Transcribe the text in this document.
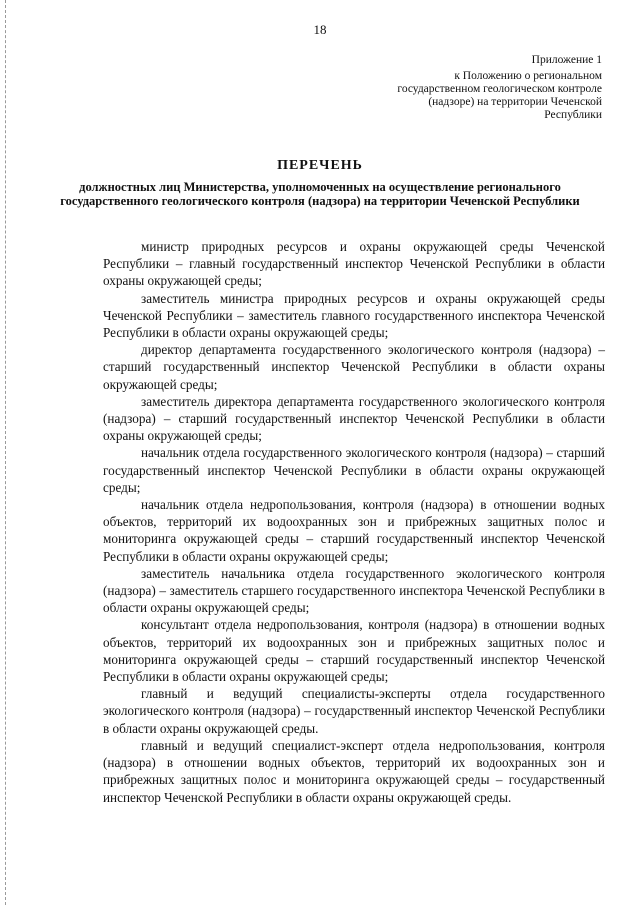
18
Приложение 1
к Положению о региональном государственном геологическом контроле (надзоре) на территории Чеченской Республики
ПЕРЕЧЕНЬ
должностных лиц Министерства, уполномоченных на осуществление регионального государственного геологического контроля (надзора) на территории Чеченской Республики

министр природных ресурсов и охраны окружающей среды Чеченской Республики – главный государственный инспектор Чеченской Республики в области охраны окружающей среды;

заместитель министра природных ресурсов и охраны окружающей среды Чеченской Республики – заместитель главного государственного инспектора Чеченской Республики в области охраны окружающей среды;

директор департамента государственного экологического контроля (надзора) – старший государственный инспектор Чеченской Республики в области охраны окружающей среды;

заместитель директора департамента государственного экологического контроля (надзора) – старший государственный инспектор Чеченской Республики в области охраны окружающей среды;

начальник отдела государственного экологического контроля (надзора) – старший государственный инспектор Чеченской Республики в области охраны окружающей среды;

начальник отдела недропользования, контроля (надзора) в отношении водных объектов, территорий их водоохранных зон и прибрежных защитных полос и мониторинга окружающей среды – старший государственный инспектор Чеченской Республики в области охраны окружающей среды;

заместитель начальника отдела государственного экологического контроля (надзора) – заместитель старшего государственного инспектора Чеченской Республики в области охраны окружающей среды;

консультант отдела недропользования, контроля (надзора) в отношении водных объектов, территорий их водоохранных зон и прибрежных защитных полос и мониторинга окружающей среды – старший государственный инспектор Чеченской Республики в области охраны окружающей среды;

главный и ведущий специалисты-эксперты отдела государственного экологического контроля (надзора) – государственный инспектор Чеченской Республики в области охраны окружающей среды.

главный и ведущий специалист-эксперт отдела недропользования, контроля (надзора) в отношении водных объектов, территорий их водоохранных зон и прибрежных защитных полос и мониторинга окружающей среды – государственный инспектор Чеченской Республики в области охраны окружающей среды.
